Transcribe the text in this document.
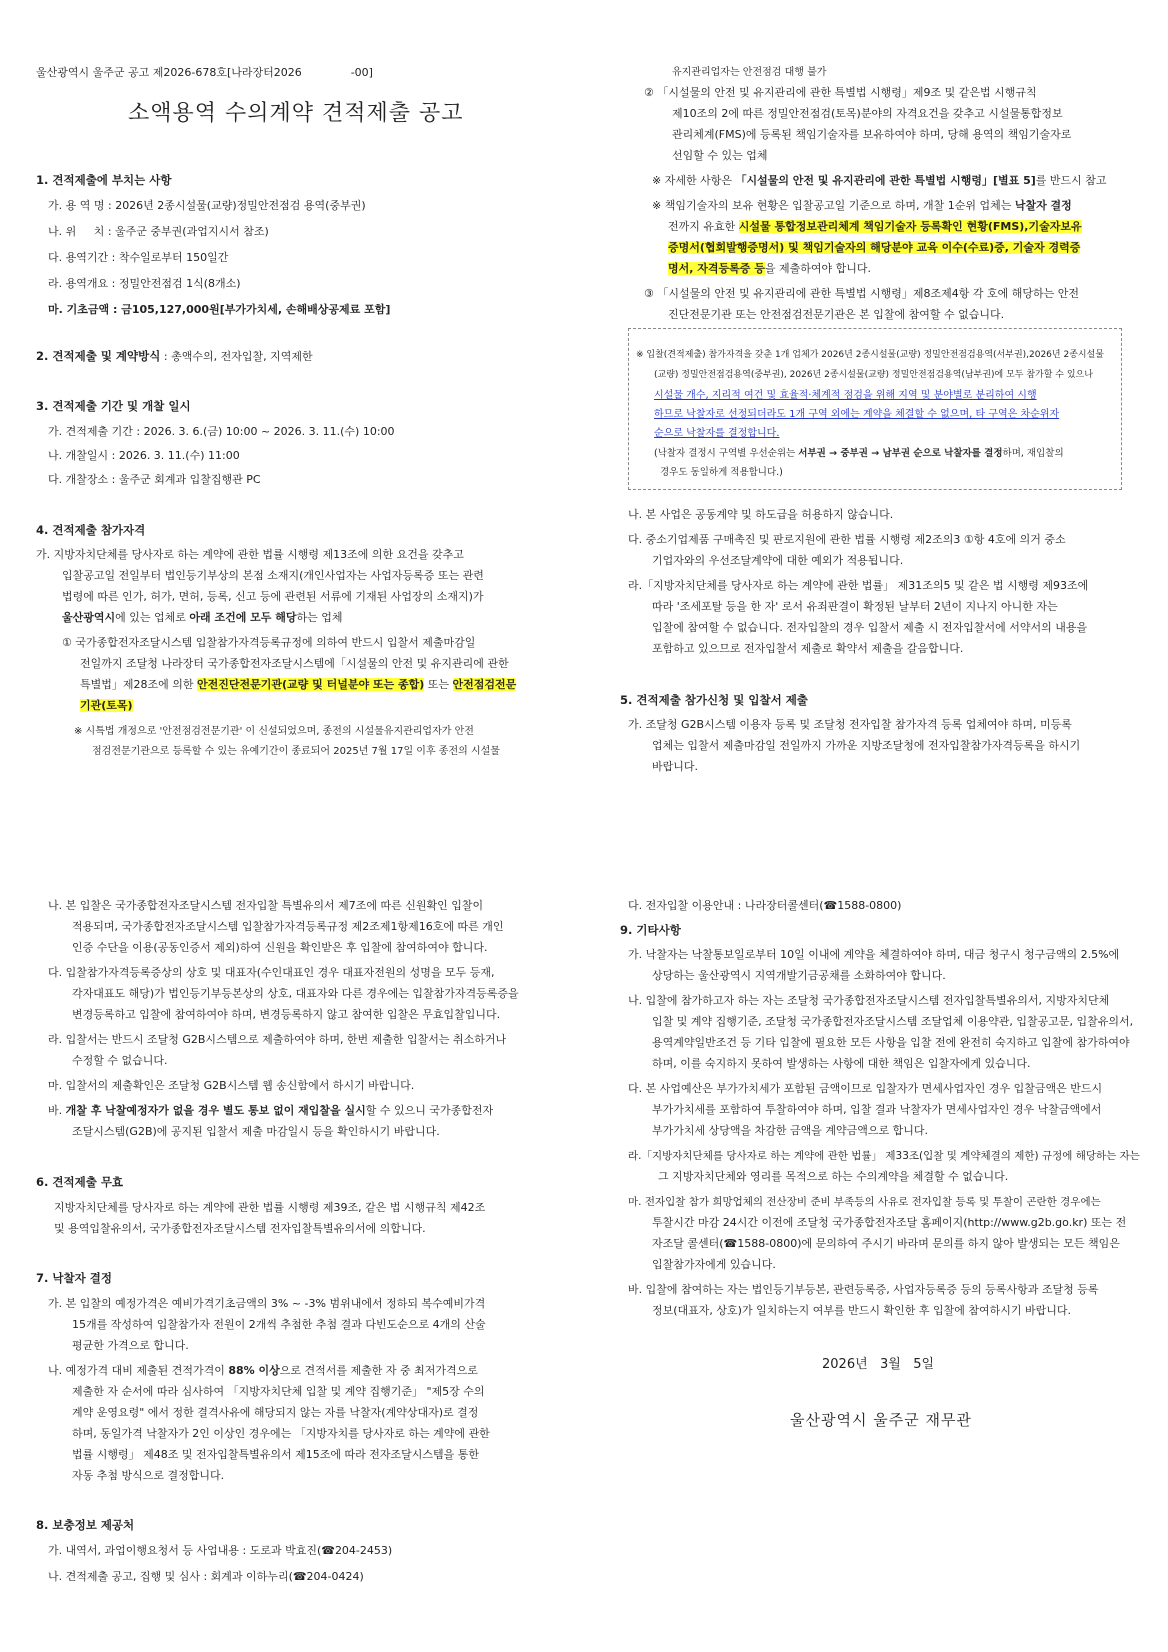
울산광역시 울주군 공고 제2026-678호[나라장터2026              -00]
소액용역 수의계약 견적제출 공고
1. 견적제출에 부치는 사항
가. 용 역 명 : 2026년 2종시설물(교량)정밀안전점검 용역(중부권)
나. 위     치 : 울주군 중부권(과업지시서 참조)
다. 용역기간 : 착수일로부터 150일간
라. 용역개요 : 정밀안전점검 1식(8개소)
마. 기초금액 : 금105,127,000원[부가가치세, 손해배상공제료 포함]
2. 견적제출 및 계약방식 : 총액수의, 전자입찰, 지역제한
3. 견적제출 기간 및 개찰 일시
가. 견적제출 기간 : 2026. 3. 6.(금) 10:00 ~ 2026. 3. 11.(수) 10:00
나. 개찰일시 : 2026. 3. 11.(수) 11:00
다. 개찰장소 : 울주군 회계과 입찰집행관 PC
4. 견적제출 참가자격
가. 지방자치단체를 당사자로 하는 계약에 관한 법률 시행령 제13조에 의한 요건을 갖추고
입찰공고일 전일부터 법인등기부상의 본점 소재지(개인사업자는 사업자등록증 또는 관련
법령에 따른 인가, 허가, 면허, 등록, 신고 등에 관련된 서류에 기재된 사업장의 소재지)가
울산광역시에 있는 업체로 아래 조건에 모두 해당하는 업체
① 국가종합전자조달시스템 입찰참가자격등록규정에 의하여 반드시 입찰서 제출마감일
전일까지 조달청 나라장터 국가종합전자조달시스템에「시설물의 안전 및 유지관리에 관한
특별법」제28조에 의한 안전진단전문기관(교량 및 터널분야 또는 종합) 또는 안전점검전문
기관(토목)
※ 시특법 개정으로 '안전점검전문기관' 이 신설되었으며, 종전의 시설물유지관리업자가 안전
점검전문기관으로 등록할 수 있는 유예기간이 종료되어 2025년 7월 17일 이후 종전의 시설물
유지관리업자는 안전점검 대행 불가
② 「시설물의 안전 및 유지관리에 관한 특별법 시행령」제9조 및 같은법 시행규칙
제10조의 2에 따른 정밀안전점검(토목)분야의 자격요건을 갖추고 시설물통합정보
관리체계(FMS)에 등록된 책임기술자를 보유하여야 하며, 당해 용역의 책임기술자로
선임할 수 있는 업체
※ 자세한 사항은 「시설물의 안전 및 유지관리에 관한 특별법 시행령」[별표 5]를 반드시 참고
※ 책임기술자의 보유 현황은 입찰공고일 기준으로 하며, 개찰 1순위 업체는 낙찰자 결정
전까지 유효한 시설물 통합정보관리체계 책임기술자 등록확인 현황(FMS),기술자보유
증명서(협회발행증명서) 및 책임기술자의 해당분야 교육 이수(수료)증, 기술자 경력증
명서, 자격등록증 등을 제출하여야 합니다.
③ 「시설물의 안전 및 유지관리에 관한 특별법 시행령」제8조제4항 각 호에 해당하는 안전
진단전문기관 또는 안전점검전문기관은 본 입찰에 참여할 수 없습니다.
※ 입찰(견적제출) 참가자격을 갖춘 1개 업체가 2026년 2종시설물(교량) 정밀안전점검용역(서부권),2026년 2종시설물
(교량) 정밀안전점검용역(중부권), 2026년 2종시설물(교량) 정밀안전점검용역(남부권)에 모두 참가할 수 있으나
시설물 개수, 지리적 여건 및 효율적·체계적 점검을 위해 지역 및 분야별로 분리하여 시행
하므로 낙찰자로 선정되더라도 1개 구역 외에는 계약을 체결할 수 없으며, 타 구역은 차순위자
순으로 낙찰자를 결정합니다.
(낙찰자 결정시 구역별 우선순위는 서부권 → 중부권 → 남부권 순으로 낙찰자를 결정하며, 재입찰의
경우도 동일하게 적용합니다.)
나. 본 사업은 공동계약 및 하도급을 허용하지 않습니다.
다. 중소기업제품 구매촉진 및 판로지원에 관한 법률 시행령 제2조의3 ①항 4호에 의거 중소
기업자와의 우선조달계약에 대한 예외가 적용됩니다.
라.「지방자치단체를 당사자로 하는 계약에 관한 법률」 제31조의5 및 같은 법 시행령 제93조에
따라 '조세포탈 등을 한 자' 로서 유죄판결이 확정된 날부터 2년이 지나지 아니한 자는
입찰에 참여할 수 없습니다. 전자입찰의 경우 입찰서 제출 시 전자입찰서에 서약서의 내용을
포함하고 있으므로 전자입찰서 제출로 확약서 제출을 갈음합니다.
5. 견적제출 참가신청 및 입찰서 제출
가. 조달청 G2B시스템 이용자 등록 및 조달청 전자입찰 참가자격 등록 업체여야 하며, 미등록
업체는 입찰서 제출마감일 전일까지 가까운 지방조달청에 전자입찰참가자격등록을 하시기
바랍니다.
나. 본 입찰은 국가종합전자조달시스템 전자입찰 특별유의서 제7조에 따른 신원확인 입찰이
적용되며, 국가종합전자조달시스템 입찰참가자격등록규정 제2조제1항제16호에 따른 개인
인증 수단을 이용(공동인증서 제외)하여 신원을 확인받은 후 입찰에 참여하여야 합니다.
다. 입찰참가자격등록증상의 상호 및 대표자(수인대표인 경우 대표자전원의 성명을 모두 등재,
각자대표도 해당)가 법인등기부등본상의 상호, 대표자와 다른 경우에는 입찰참가자격등록증을
변경등록하고 입찰에 참여하여야 하며, 변경등록하지 않고 참여한 입찰은 무효입찰입니다.
라. 입찰서는 반드시 조달청 G2B시스템으로 제출하여야 하며, 한번 제출한 입찰서는 취소하거나
수정할 수 없습니다.
마. 입찰서의 제출확인은 조달청 G2B시스템 웹 송신함에서 하시기 바랍니다.
바. 개찰 후 낙찰예정자가 없을 경우 별도 통보 없이 재입찰을 실시할 수 있으니 국가종합전자
조달시스템(G2B)에 공지된 입찰서 제출 마감일시 등을 확인하시기 바랍니다.
6. 견적제출 무효
지방자치단체를 당사자로 하는 계약에 관한 법률 시행령 제39조, 같은 법 시행규칙 제42조
및 용역입찰유의서, 국가종합전자조달시스템 전자입찰특별유의서에 의합니다.
7. 낙찰자 결정
가. 본 입찰의 예정가격은 예비가격기초금액의 3% ~ -3% 범위내에서 정하되 복수예비가격
15개를 작성하여 입찰참가자 전원이 2개씩 추첨한 추첨 결과 다빈도순으로 4개의 산술
평균한 가격으로 합니다.
나. 예정가격 대비 제출된 견적가격이 88% 이상으로 견적서를 제출한 자 중 최저가격으로
제출한 자 순서에 따라 심사하여 「지방자치단체 입찰 및 계약 집행기준」 "제5장 수의
계약 운영요령" 에서 정한 결격사유에 해당되지 않는 자를 낙찰자(계약상대자)로 결정
하며, 동일가격 낙찰자가 2인 이상인 경우에는 「지방자치를 당사자로 하는 계약에 관한
법률 시행령」 제48조 및 전자입찰특별유의서 제15조에 따라 전자조달시스템을 통한
자동 추첨 방식으로 결정합니다.
8. 보충정보 제공처
가. 내역서, 과업이행요청서 등 사업내용 : 도로과 박효진(☎204-2453)
나. 견적제출 공고, 집행 및 심사 : 회계과 이하누리(☎204-0424)
다. 전자입찰 이용안내 : 나라장터콜센터(☎1588-0800)
9. 기타사항
가. 낙찰자는 낙찰통보일로부터 10일 이내에 계약을 체결하여야 하며, 대금 청구시 청구금액의 2.5%에
상당하는 울산광역시 지역개발기금공채를 소화하여야 합니다.
나. 입찰에 참가하고자 하는 자는 조달청 국가종합전자조달시스템 전자입찰특별유의서, 지방자치단체
입찰 및 계약 집행기준, 조달청 국가종합전자조달시스템 조달업체 이용약관, 입찰공고문, 입찰유의서,
용역계약일반조건 등 기타 입찰에 필요한 모든 사항을 입찰 전에 완전히 숙지하고 입찰에 참가하여야
하며, 이를 숙지하지 못하여 발생하는 사항에 대한 책임은 입찰자에게 있습니다.
다. 본 사업예산은 부가가치세가 포함된 금액이므로 입찰자가 면세사업자인 경우 입찰금액은 반드시
부가가치세를 포함하여 투찰하여야 하며, 입찰 결과 낙찰자가 면세사업자인 경우 낙찰금액에서
부가가치세 상당액을 차감한 금액을 계약금액으로 합니다.
라.「지방자치단체를 당사자로 하는 계약에 관한 법률」 제33조(입찰 및 계약체결의 제한) 규정에 해당하는 자는
그 지방자치단체와 영리를 목적으로 하는 수의계약을 체결할 수 없습니다.
마. 전자입찰 참가 희망업체의 전산장비 준비 부족등의 사유로 전자입찰 등록 및 투찰이 곤란한 경우에는
투찰시간 마감 24시간 이전에 조달청 국가종합전자조달 홈페이지(http://www.g2b.go.kr) 또는 전
자조달 콜센터(☎1588-0800)에 문의하여 주시기 바라며 문의를 하지 않아 발생되는 모든 책임은
입찰참가자에게 있습니다.
바. 입찰에 참여하는 자는 법인등기부등본, 관련등록증, 사업자등록증 등의 등록사항과 조달청 등록
정보(대표자, 상호)가 일치하는지 여부를 반드시 확인한 후 입찰에 참여하시기 바랍니다.
2026년   3월   5일
울산광역시 울주군 재무관
